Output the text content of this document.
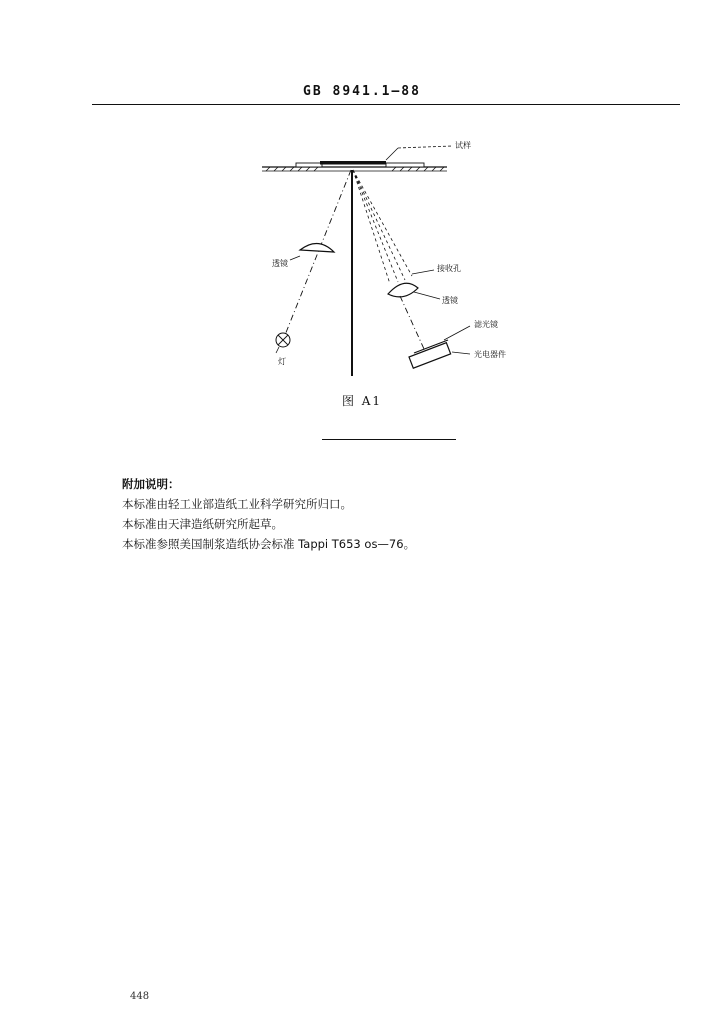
GB 8941.1—88
试样
透镜
灯
接收孔
透镜
滤光镜
光电器件
图 A1
附加说明：
本标准由轻工业部造纸工业科学研究所归口。
本标准由天津造纸研究所起草。
本标准参照美国制浆造纸协会标准 Tappi T653 os—76。
448
